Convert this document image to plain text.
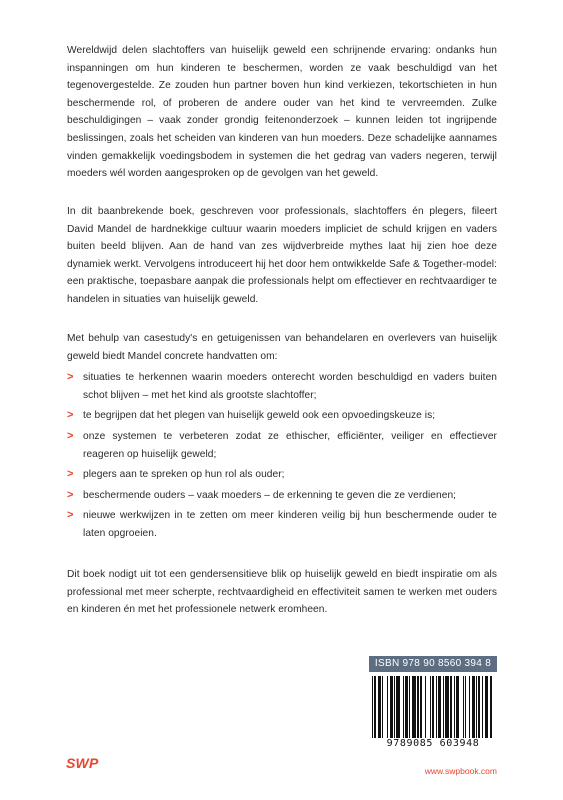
Wereldwijd delen slachtoffers van huiselijk geweld een schrijnende ervaring: ondanks hun inspanningen om hun kinderen te beschermen, worden ze vaak beschuldigd van het tegenovergestelde. Ze zouden hun partner boven hun kind verkiezen, tekortschieten in hun beschermende rol, of proberen de andere ouder van het kind te vervreemden. Zulke beschuldigingen – vaak zonder grondig feitenonderzoek – kunnen leiden tot ingrijpende beslissingen, zoals het scheiden van kinderen van hun moeders. Deze schadelijke aannames vinden gemakkelijk voedingsbodem in systemen die het gedrag van vaders negeren, terwijl moeders wél worden aangesproken op de gevolgen van het geweld.

In dit baanbrekende boek, geschreven voor professionals, slachtoffers én plegers, fileert David Mandel de hardnekkige cultuur waarin moeders impliciet de schuld krijgen en vaders buiten beeld blijven. Aan de hand van zes wijdverbreide mythes laat hij zien hoe deze dynamiek werkt. Vervolgens introduceert hij het door hem ontwikkelde Safe & Together-model: een praktische, toepasbare aanpak die professionals helpt om effectiever en rechtvaardiger te handelen in situaties van huiselijk geweld.

Met behulp van casestudy's en getuigenissen van behandelaren en overlevers van huiselijk geweld biedt Mandel concrete handvatten om:

> situaties te herkennen waarin moeders onterecht worden beschuldigd en vaders buiten schot blijven – met het kind als grootste slachtoffer;
> te begrijpen dat het plegen van huiselijk geweld ook een opvoedingskeuze is;
> onze systemen te verbeteren zodat ze ethischer, efficiënter, veiliger en effectiever reageren op huiselijk geweld;
> plegers aan te spreken op hun rol als ouder;
> beschermende ouders – vaak moeders – de erkenning te geven die ze verdienen;
> nieuwe werkwijzen in te zetten om meer kinderen veilig bij hun beschermende ouder te laten opgroeien.

Dit boek nodigt uit tot een gendersensitieve blik op huiselijk geweld en biedt inspiratie om als professional met meer scherpte, rechtvaardigheid en effectiviteit samen te werken met ouders en kinderen én met het professionele netwerk eromheen.

ISBN 978 90 8560 394 8
9789085 603948
SWP	www.swpbook.com
